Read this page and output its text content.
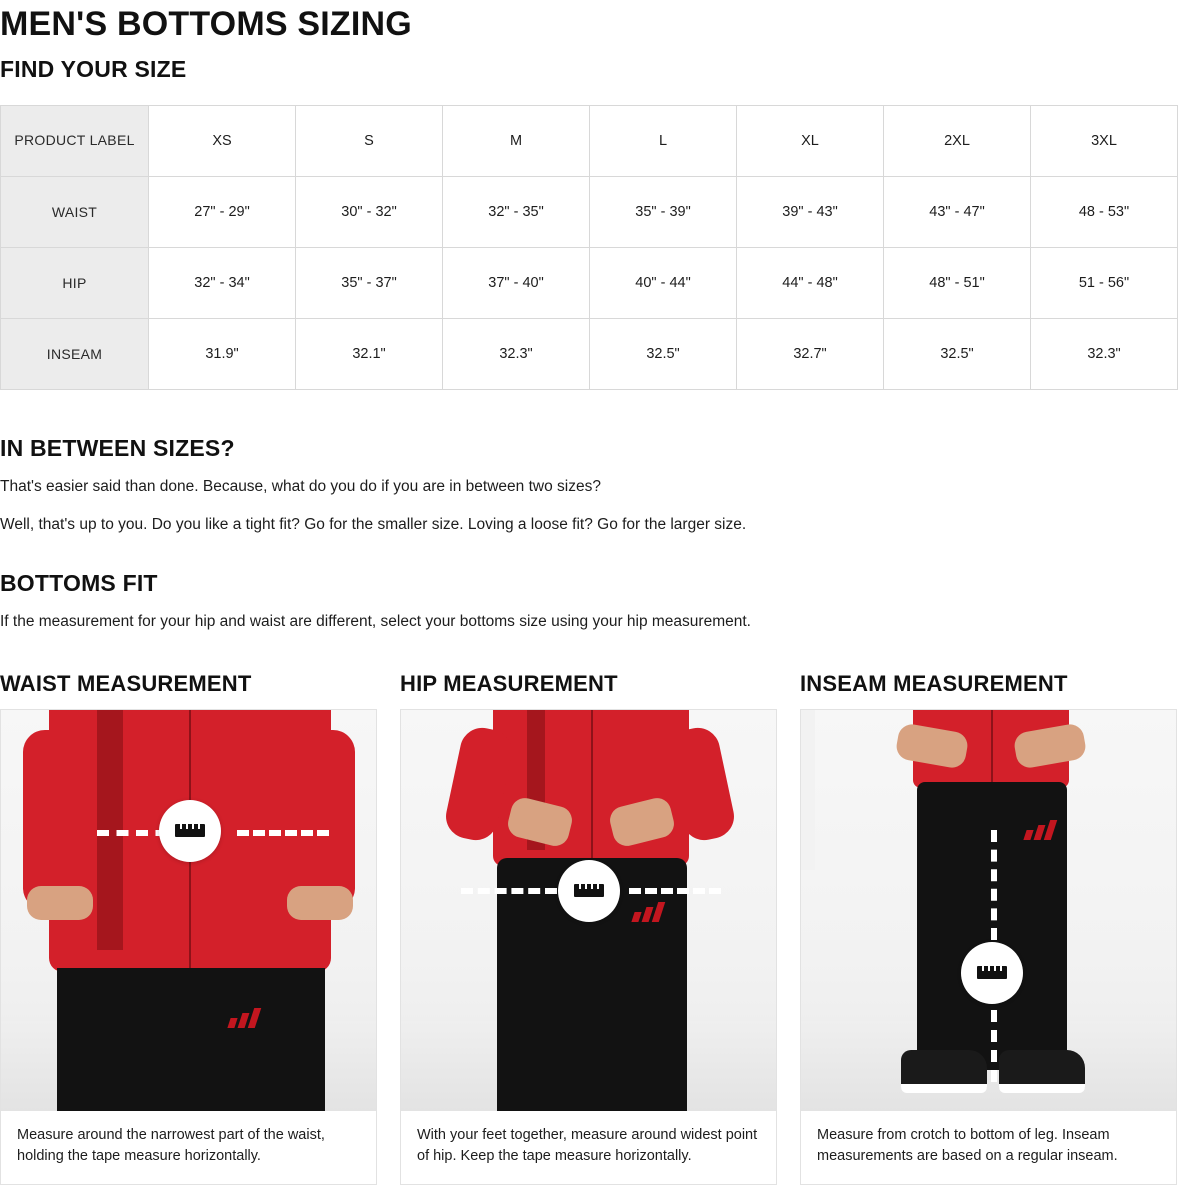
MEN'S BOTTOMS SIZING
FIND YOUR SIZE
PRODUCT LABEL	XS	S	M	L	XL	2XL	3XL
WAIST	27" - 29"	30" - 32"	32" - 35"	35" - 39"	39" - 43"	43" - 47"	48 - 53"
HIP	32" - 34"	35" - 37"	37" - 40"	40" - 44"	44" - 48"	48" - 51"	51 - 56"
INSEAM	31.9"	32.1"	32.3"	32.5"	32.7"	32.5"	32.3"
IN BETWEEN SIZES?
That's easier said than done. Because, what do you do if you are in between two sizes?
Well, that's up to you. Do you like a tight fit? Go for the smaller size. Loving a loose fit? Go for the larger size.
BOTTOMS FIT
If the measurement for your hip and waist are different, select your bottoms size using your hip measurement.
WAIST MEASUREMENT
Measure around the narrowest part of the waist, holding the tape measure horizontally.
HIP MEASUREMENT
With your feet together, measure around widest point of hip. Keep the tape measure horizontally.
INSEAM MEASUREMENT
Measure from crotch to bottom of leg. Inseam measurements are based on a regular inseam.
